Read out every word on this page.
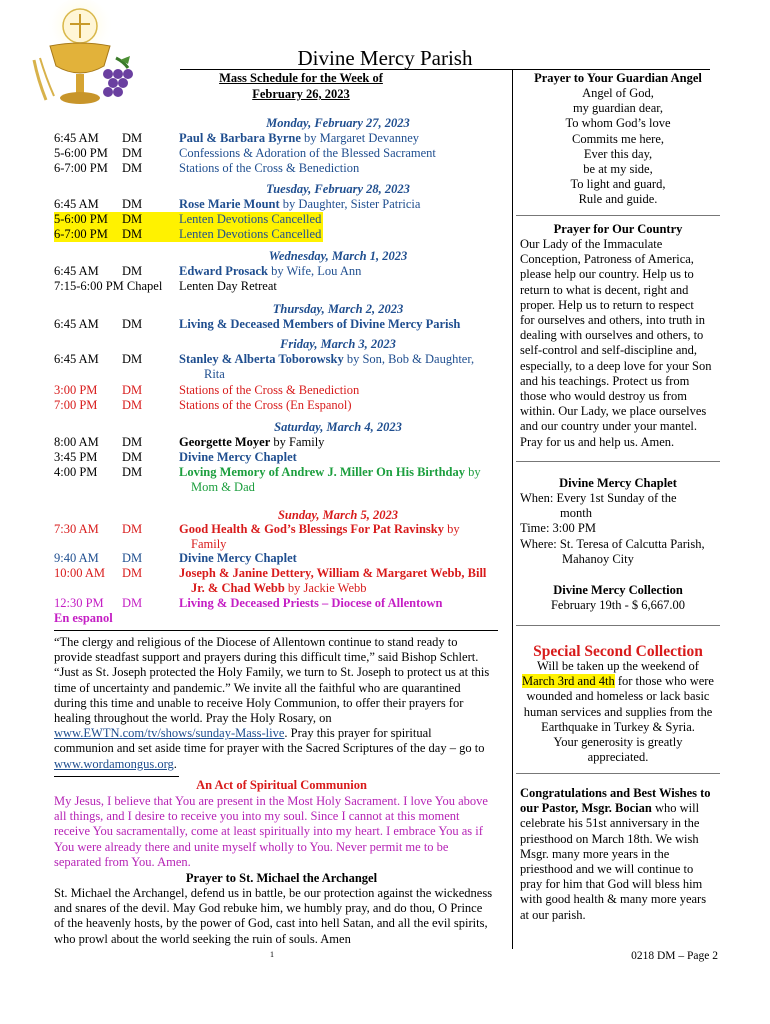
Divine Mercy Parish
Mass Schedule for the Week of
February 26, 2023
Monday, February 27, 2023
6:45 AM	DM	Paul & Barbara Byrne by Margaret Devanney
5-6:00 PM	DM	Confessions & Adoration of the Blessed Sacrament
6-7:00 PM	DM	Stations of the Cross & Benediction
Tuesday, February 28, 2023
6:45 AM	DM	Rose Marie Mount by Daughter, Sister Patricia
5-6:00 PM	DM	Lenten Devotions Cancelled
6-7:00 PM	DM	Lenten Devotions Cancelled
Wednesday, March 1, 2023
6:45 AM	DM	Edward Prosack by Wife, Lou Ann
7:15-6:00 PM Chapel	Lenten Day Retreat
Thursday, March 2, 2023
6:45 AM	DM	Living & Deceased Members of Divine Mercy Parish
Friday, March 3, 2023
6:45 AM	DM	Stanley & Alberta Toborowsky by Son, Bob & Daughter,
Rita
3:00 PM	DM	Stations of the Cross & Benediction
7:00 PM	DM	Stations of the Cross (En Espanol)
Saturday, March 4, 2023
8:00 AM	DM	Georgette Moyer by Family
3:45 PM	DM	Divine Mercy Chaplet
4:00 PM	DM	Loving Memory of Andrew J. Miller On His Birthday by
Mom & Dad
Sunday, March 5, 2023
7:30 AM	DM	Good Health & God’s Blessings For Pat Ravinsky by
Family
9:40 AM	DM	Divine Mercy Chaplet
10:00 AM	DM	Joseph & Janine Dettery, William & Margaret Webb, Bill
Jr. & Chad Webb by Jackie Webb
12:30 PM	DM	Living & Deceased Priests – Diocese of Allentown
En espanol
“The clergy and religious of the Diocese of Allentown continue to stand ready to
provide steadfast support and prayers during this difficult time,” said Bishop Schlert.
“Just as St. Joseph protected the Holy Family, we turn to St. Joseph to protect us at this
time of uncertainty and pandemic.” We invite all the faithful who are quarantined
during this time and unable to receive Holy Communion, to offer their prayers for
healing throughout the world. Pray the Holy Rosary, on
www.EWTN.com/tv/shows/sunday-Mass-live. Pray this prayer for spiritual
communion and set aside time for prayer with the Sacred Scriptures of the day – go to
www.wordamongus.org.
An Act of Spiritual Communion
My Jesus, I believe that You are present in the Most Holy Sacrament. I love You above
all things, and I desire to receive you into my soul. Since I cannot at this moment
receive You sacramentally, come at least spiritually into my heart. I embrace You as if
You were already there and unite myself wholly to You. Never permit me to be
separated from You. Amen.
Prayer to St. Michael the Archangel
St. Michael the Archangel, defend us in battle, be our protection against the wickedness
and snares of the devil. May God rebuke him, we humbly pray, and do thou, O Prince
of the heavenly hosts, by the power of God, cast into hell Satan, and all the evil spirits,
who prowl about the world seeking the ruin of souls. Amen
1
Prayer to Your Guardian Angel
Angel of God,
my guardian dear,
To whom God’s love
Commits me here,
Ever this day,
be at my side,
To light and guard,
Rule and guide.
Prayer for Our Country
Our Lady of the Immaculate
Conception, Patroness of America,
please help our country. Help us to
return to what is decent, right and
proper. Help us to return to respect
for ourselves and others, into truth in
dealing with ourselves and others, to
self-control and self-discipline and,
especially, to a deep love for your Son
and his teachings. Protect us from
those who would destroy us from
within. Our Lady, we place ourselves
and our country under your mantel.
Pray for us and help us. Amen.
Divine Mercy Chaplet
When: Every 1st Sunday of the
month
Time: 3:00 PM
Where: St. Teresa of Calcutta Parish,
Mahanoy City
Divine Mercy Collection
February 19th - $ 6,667.00
Special Second Collection
Will be taken up the weekend of
March 3rd and 4th for those who were
wounded and homeless or lack basic
human services and supplies from the
Earthquake in Turkey & Syria.
Your generosity is greatly
appreciated.
Congratulations and Best Wishes to
our Pastor, Msgr. Bocian who will
celebrate his 51st anniversary in the
priesthood on March 18th. We wish
Msgr. many more years in the
priesthood and we will continue to
pray for him that God will bless him
with good health & many more years
at our parish.
0218 DM – Page 2
